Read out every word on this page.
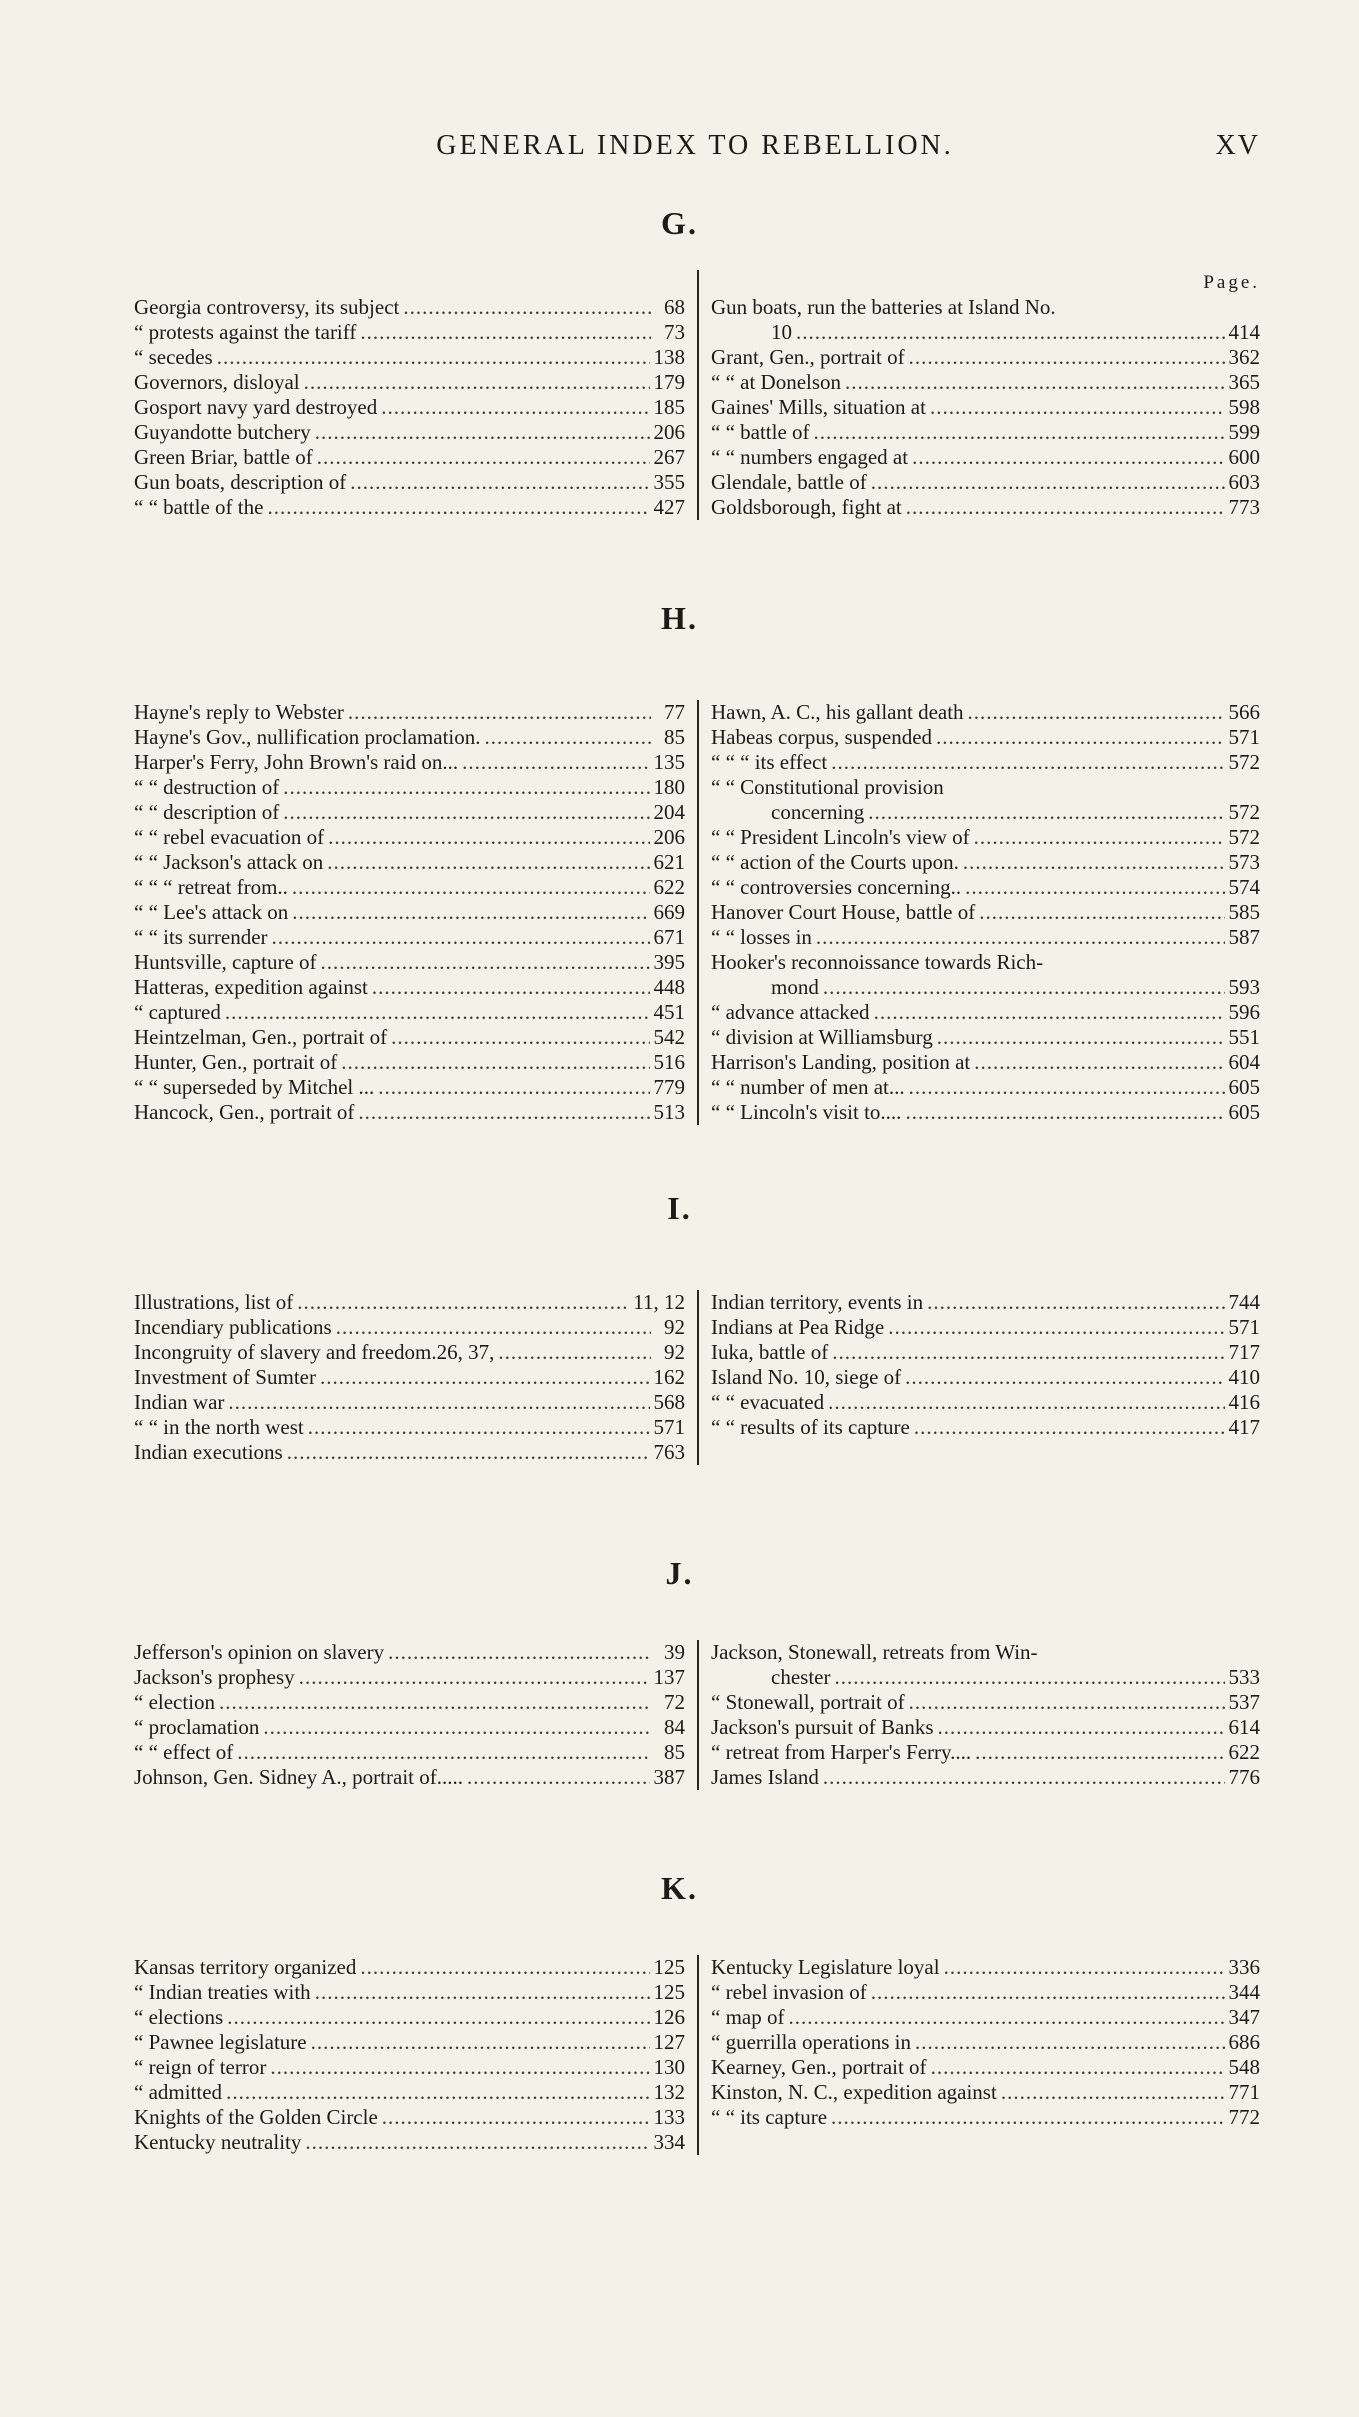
GENERAL INDEX TO REBELLION.	XV
G.
Georgia controversy, its subject .....	68
“ protests against the tariff .....	73
“ secedes .....	138
Governors, disloyal .....	179
Gosport navy yard destroyed .....	185
Guyandotte butchery .....	206
Green Briar, battle of .....	267
Gun boats, description of .....	355
“ “ battle of the .....	427
Page.
Gun boats, run the batteries at Island No.
10 .....	414
Grant, Gen., portrait of .....	362
“ “ at Donelson .....	365
Gaines' Mills, situation at .....	598
“ “ battle of .....	599
“ “ numbers engaged at .....	600
Glendale, battle of .....	603
Goldsborough, fight at .....	773
H.
Hayne's reply to Webster .....	77
Hayne's Gov., nullification proclamation. .....	85
Harper's Ferry, John Brown's raid on... .....	135
“ “ destruction of .....	180
“ “ description of .....	204
“ “ rebel evacuation of .....	206
“ “ Jackson's attack on .....	621
“ “ “ retreat from.. .....	622
“ “ Lee's attack on .....	669
“ “ its surrender .....	671
Huntsville, capture of .....	395
Hatteras, expedition against .....	448
“ captured .....	451
Heintzelman, Gen., portrait of .....	542
Hunter, Gen., portrait of .....	516
“ “ superseded by Mitchel ... .....	779
Hancock, Gen., portrait of .....	513
Hawn, A. C., his gallant death .....	566
Habeas corpus, suspended .....	571
“ “ “ its effect .....	572
“ “ Constitutional provision
concerning .....	572
“ “ President Lincoln's view of .....	572
“ “ action of the Courts upon. .....	573
“ “ controversies concerning.. .....	574
Hanover Court House, battle of .....	585
“ “ losses in .....	587
Hooker's reconnoissance towards Rich-
mond .....	593
“ advance attacked .....	596
“ division at Williamsburg .....	551
Harrison's Landing, position at .....	604
“ “ number of men at... .....	605
“ “ Lincoln's visit to.... .....	605
I.
Illustrations, list of .....	11, 12
Incendiary publications .....	92
Incongruity of slavery and freedom.26, 37, .....	92
Investment of Sumter .....	162
Indian war .....	568
“ “ in the north west .....	571
Indian executions .....	763
Indian territory, events in .....	744
Indians at Pea Ridge .....	571
Iuka, battle of .....	717
Island No. 10, siege of .....	410
“ “ evacuated .....	416
“ “ results of its capture .....	417
J.
Jefferson's opinion on slavery .....	39
Jackson's prophesy .....	137
“ election .....	72
“ proclamation .....	84
“ “ effect of .....	85
Johnson, Gen. Sidney A., portrait of..... .....	387
Jackson, Stonewall, retreats from Win-
chester .....	533
“ Stonewall, portrait of .....	537
Jackson's pursuit of Banks .....	614
“ retreat from Harper's Ferry.... .....	622
James Island .....	776
K.
Kansas territory organized .....	125
“ Indian treaties with .....	125
“ elections .....	126
“ Pawnee legislature .....	127
“ reign of terror .....	130
“ admitted .....	132
Knights of the Golden Circle .....	133
Kentucky neutrality .....	334
Kentucky Legislature loyal .....	336
“ rebel invasion of .....	344
“ map of .....	347
“ guerrilla operations in .....	686
Kearney, Gen., portrait of .....	548
Kinston, N. C., expedition against .....	771
“ “ its capture .....	772
